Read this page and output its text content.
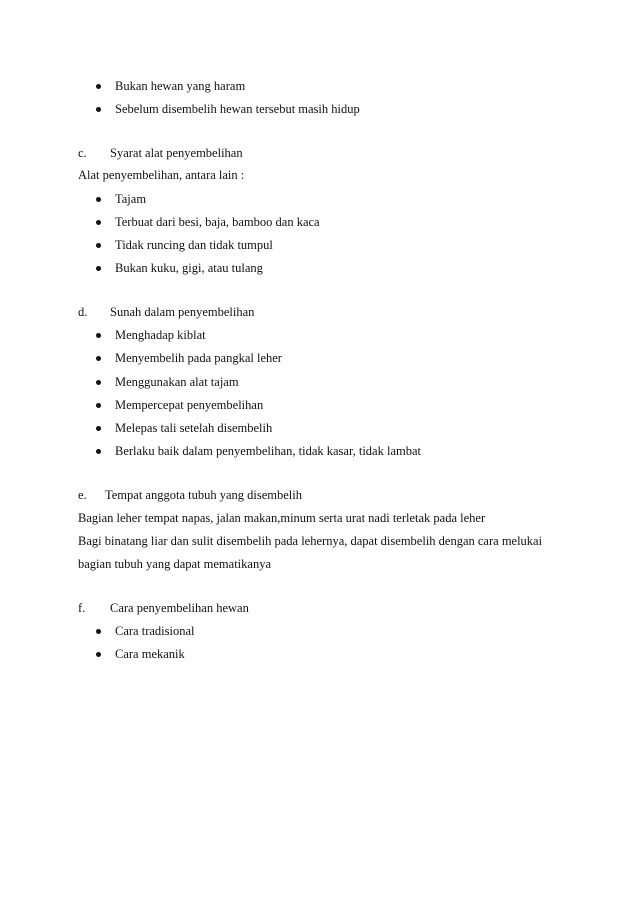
Bukan hewan yang haram
Sebelum disembelih hewan tersebut masih hidup
c. Syarat alat penyembelihan
Alat penyembelihan, antara lain :
Tajam
Terbuat dari besi, baja, bamboo dan kaca
Tidak runcing dan tidak tumpul
Bukan kuku, gigi, atau tulang
d. Sunah dalam penyembelihan
Menghadap kiblat
Menyembelih pada pangkal leher
Menggunakan alat tajam
Mempercepat penyembelihan
Melepas tali setelah disembelih
Berlaku baik dalam penyembelihan, tidak kasar, tidak lambat
e. Tempat anggota tubuh yang disembelih
Bagian leher tempat napas, jalan makan,minum serta urat nadi terletak pada leher
Bagi binatang liar dan sulit disembelih pada lehernya, dapat disembelih dengan cara melukai
bagian tubuh yang dapat mematikanya
f. Cara penyembelihan hewan
Cara tradisional
Cara mekanik
